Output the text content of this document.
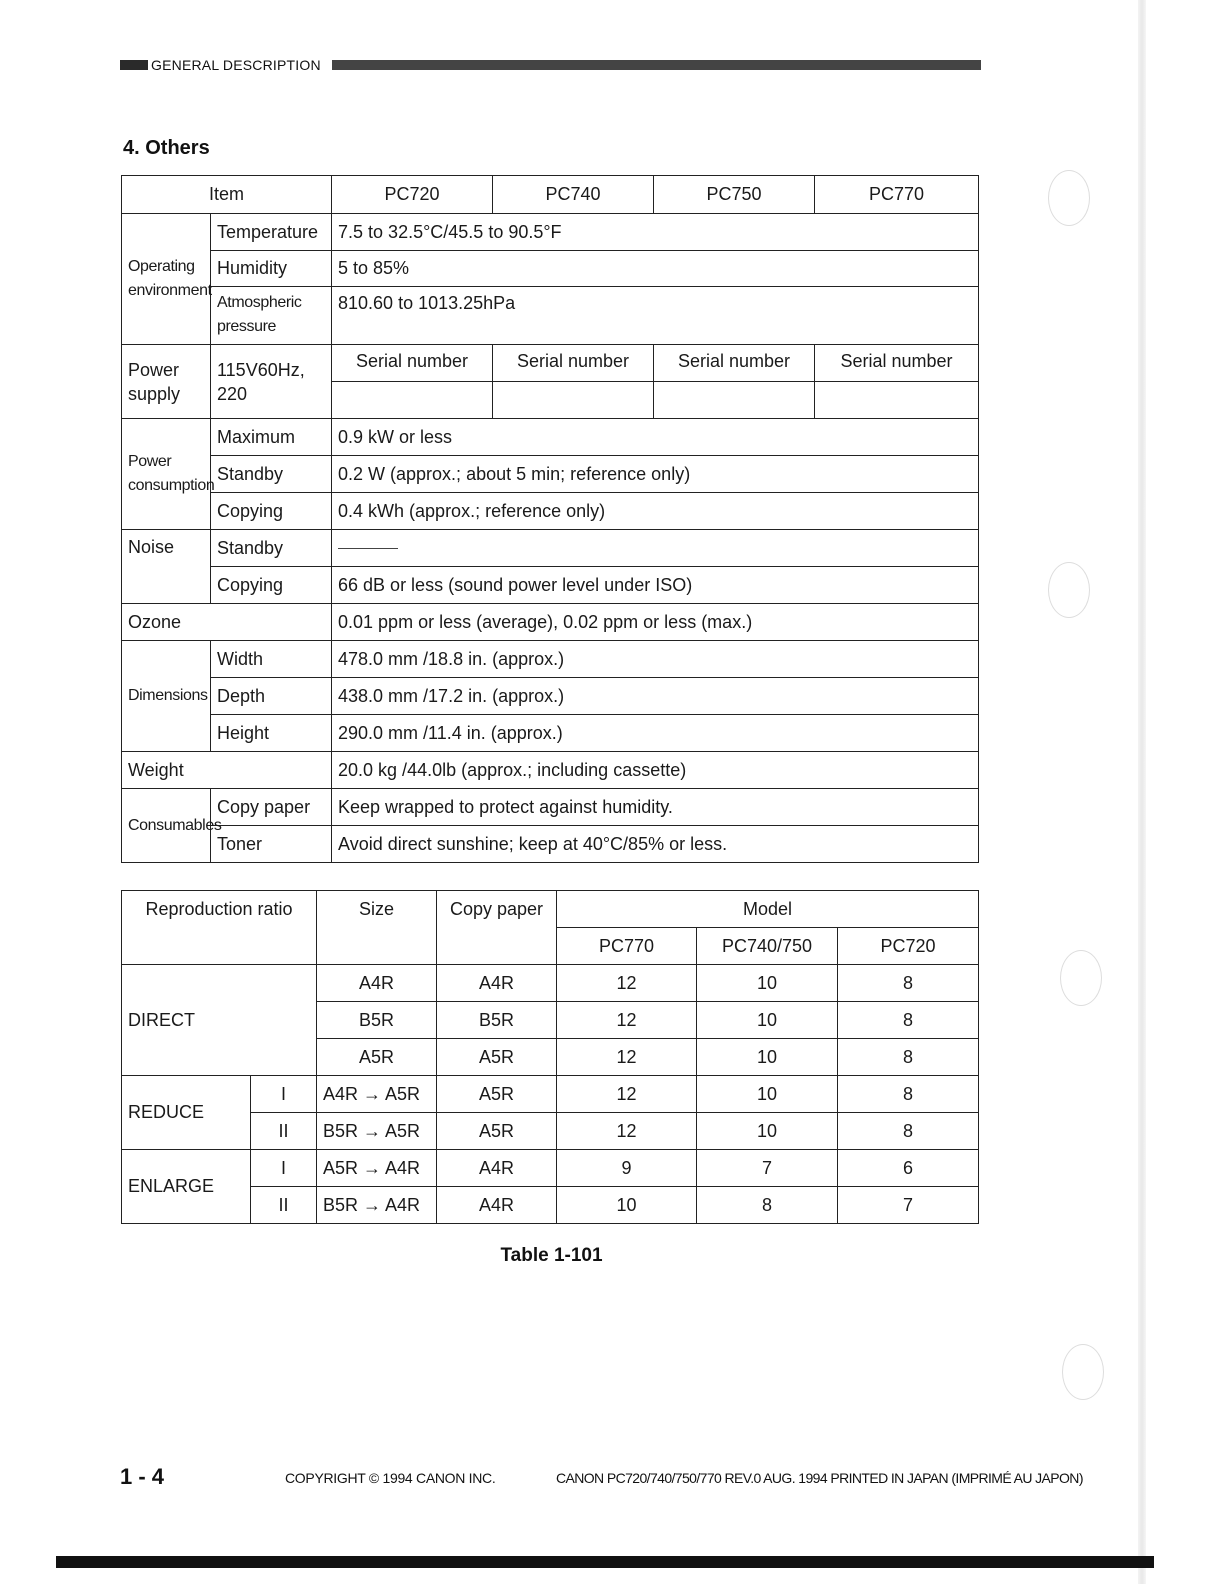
GENERAL DESCRIPTION
4. Others
Item		PC720	PC740	PC750	PC770
Operating environment	Temperature	7.5 to 32.5°C/45.5 to 90.5°F			
	Humidity	5 to 85%			
	Atmospheric pressure	810.60 to 1013.25hPa			
Power supply	115V60Hz, 220	Serial number	Serial number	Serial number	Serial number

Power consumption	Maximum	0.9 kW or less			
	Standby	0.2 W (approx.; about 5 min; reference only)			
	Copying	0.4 kWh (approx.; reference only)			
Noise	Standby				
	Copying	66 dB or less (sound power level under ISO)			
Ozone		0.01 ppm or less (average), 0.02 ppm or less (max.)			
Dimensions	Width	478.0 mm /18.8 in. (approx.)			
	Depth	438.0 mm /17.2 in. (approx.)			
	Height	290.0 mm /11.4 in. (approx.)			
Weight		20.0 kg /44.0lb (approx.; including cassette)			
Consumables	Copy paper	Keep wrapped to protect against humidity.			
	Toner	Avoid direct sunshine; keep at 40°C/85% or less.			
Reproduction ratio		Size	Copy paper	Model		
				PC770	PC740/750	PC720
DIRECT		A4R	A4R	12	10	8
		B5R	B5R	12	10	8
		A5R	A5R	12	10	8
REDUCE	I	A4R → A5R	A5R	12	10	8
	II	B5R → A5R	A5R	12	10	8
ENLARGE	I	A5R → A4R	A4R	9	7	6
	II	B5R → A4R	A4R	10	8	7
Table 1-101
1 - 4	COPYRIGHT © 1994 CANON INC.	CANON PC720/740/750/770 REV.0 AUG. 1994 PRINTED IN JAPAN (IMPRIMÉ AU JAPON)
